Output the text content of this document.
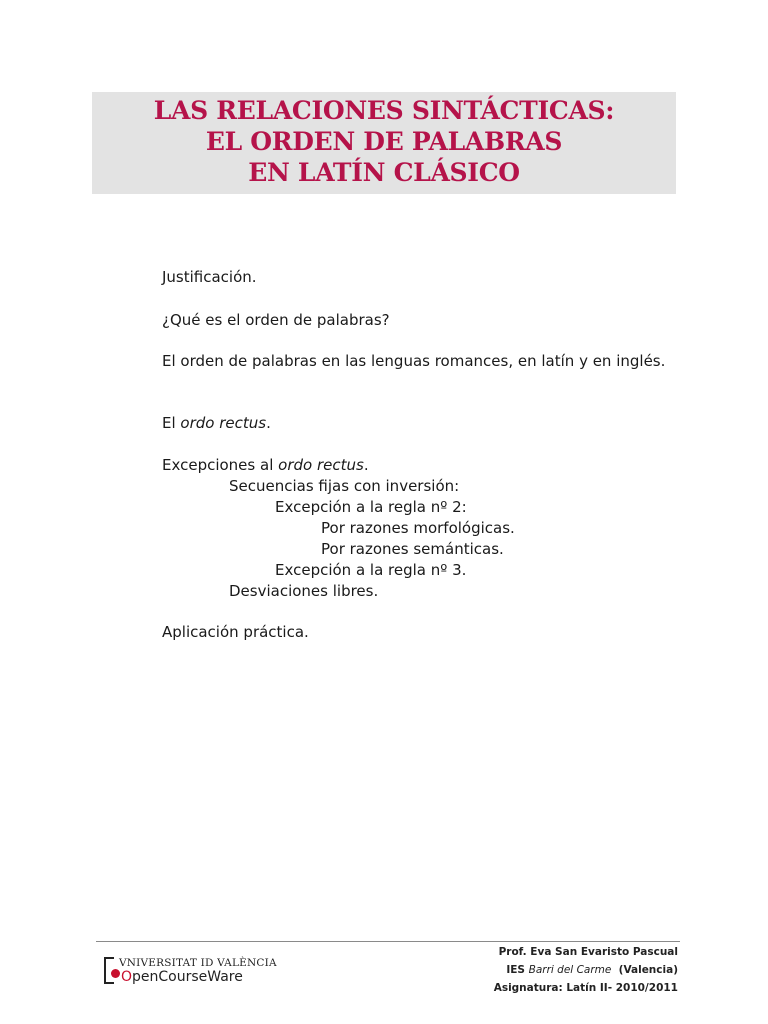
LAS RELACIONES SINTÁCTICAS:
EL ORDEN DE PALABRAS
EN LATÍN CLÁSICO
Justificación.
¿Qué es el orden de palabras?
El orden de palabras en las lenguas romances, en latín y en inglés.
El ordo rectus.
Excepciones al ordo rectus.
Secuencias fijas con inversión:
Excepción a la regla nº 2:
Por razones morfológicas.
Por razones semánticas.
Excepción a la regla nº 3.
Desviaciones libres.
Aplicación práctica.
VNIVERSITAT ID VALÈNCIA
OpenCourseWare
Prof. Eva San Evaristo Pascual
IES Barri del Carme  (Valencia)
Asignatura: Latín II- 2010/2011
